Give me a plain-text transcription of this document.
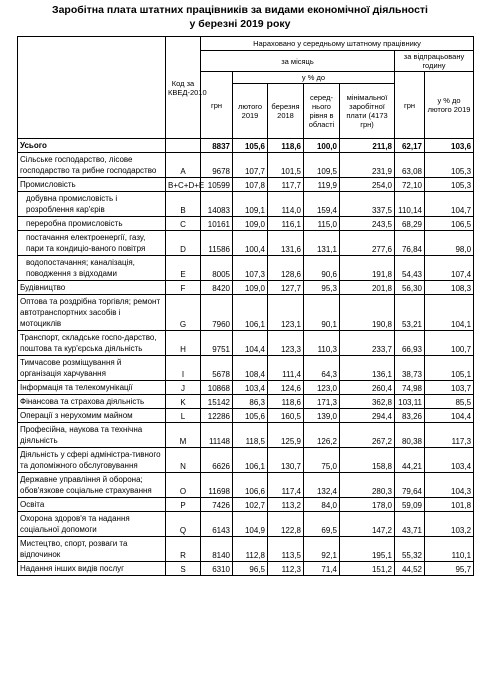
Заробітна плата штатних працівників за видами економічної діяльності
у березні 2019 року
	Код за КВЕД-2010	Нараховано у середньому штатному працівнику						
		за місяць					за відпрацьовану годину	
		грн	у % до				грн	у % до лютого 2019
			лютого 2019	березня 2018	серед-нього рівня в області	мінімальної заробітної плати (4173 грн)		
Усього		8837	105,6	118,6	100,0	211,8	62,17	103,6
Сільське господарство, лісове господарство та рибне господарство	A	9678	107,7	101,5	109,5	231,9	63,08	105,3
Промисловість	B+C+D+E	10599	107,8	117,7	119,9	254,0	72,10	105,3
добувна промисловість і розроблення кар'єрів	B	14083	109,1	114,0	159,4	337,5	110,14	104,7
переробна промисловість	C	10161	109,0	116,1	115,0	243,5	68,29	106,5
постачання електроенергії, газу, пари та кондиціо-ваного повітря	D	11586	100,4	131,6	131,1	277,6	76,84	98,0
водопостачання; каналізація, поводження з відходами	E	8005	107,3	128,6	90,6	191,8	54,43	107,4
Будівництво	F	8420	109,0	127,7	95,3	201,8	56,30	108,3
Оптова та роздрібна торгівля; ремонт автотранспортних засобів і мотоциклів	G	7960	106,1	123,1	90,1	190,8	53,21	104,1
Транспорт, складське госпо-дарство, поштова та кур'єрська діяльність	H	9751	104,4	123,3	110,3	233,7	66,93	100,7
Тимчасове розміщування й організація харчування	I	5678	108,4	111,4	64,3	136,1	38,73	105,1
Інформація та телекомунікації	J	10868	103,4	124,6	123,0	260,4	74,98	103,7
Фінансова та страхова діяльність	K	15142	86,3	118,6	171,3	362,8	103,11	85,5
Операції з нерухомим майном	L	12286	105,6	160,5	139,0	294,4	83,26	104,4
Професійна, наукова та технічна діяльність	M	11148	118,5	125,9	126,2	267,2	80,38	117,3
Діяльність у сфері адміністра-тивного та допоміжного обслуговування	N	6626	106,1	130,7	75,0	158,8	44,21	103,4
Державне управління й оборона; обов'язкове соціальне страхування	O	11698	106,6	117,4	132,4	280,3	79,64	104,3
Освіта	P	7426	102,7	113,2	84,0	178,0	59,09	101,8
Охорона здоров'я та надання соціальної допомоги	Q	6143	104,9	122,8	69,5	147,2	43,71	103,2
Мистецтво, спорт, розваги та відпочинок	R	8140	112,8	113,5	92,1	195,1	55,32	110,1
Надання інших видів послуг	S	6310	96,5	112,3	71,4	151,2	44,52	95,7
